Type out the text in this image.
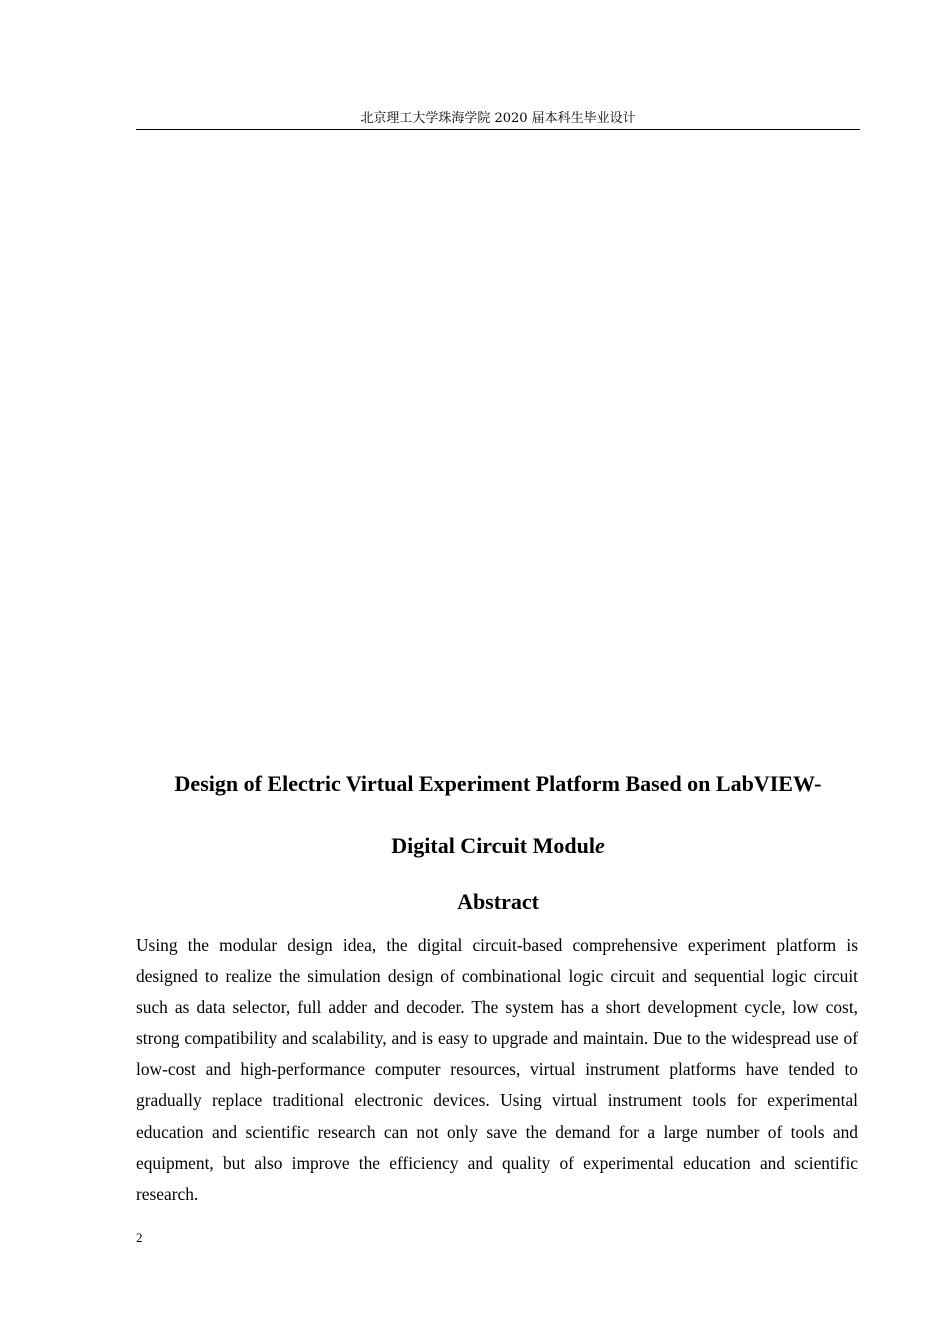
北京理工大学珠海学院 2020 届本科生毕业设计
Design of Electric Virtual Experiment Platform Based on LabVIEW-
Digital Circuit Module
Abstract

Using the modular design idea, the digital circuit-based comprehensive experiment platform is designed to realize the simulation design of combinational logic circuit and sequential logic circuit such as data selector, full adder and decoder. The system has a short development cycle, low cost, strong compatibility and scalability, and is easy to upgrade and maintain. Due to the widespread use of low-cost and high-performance computer resources, virtual instrument platforms have tended to gradually replace traditional electronic devices. Using virtual instrument tools for experimental education and scientific research can not only save the demand for a large number of tools and equipment, but also improve the efficiency and quality of experimental education and scientific research.

2
